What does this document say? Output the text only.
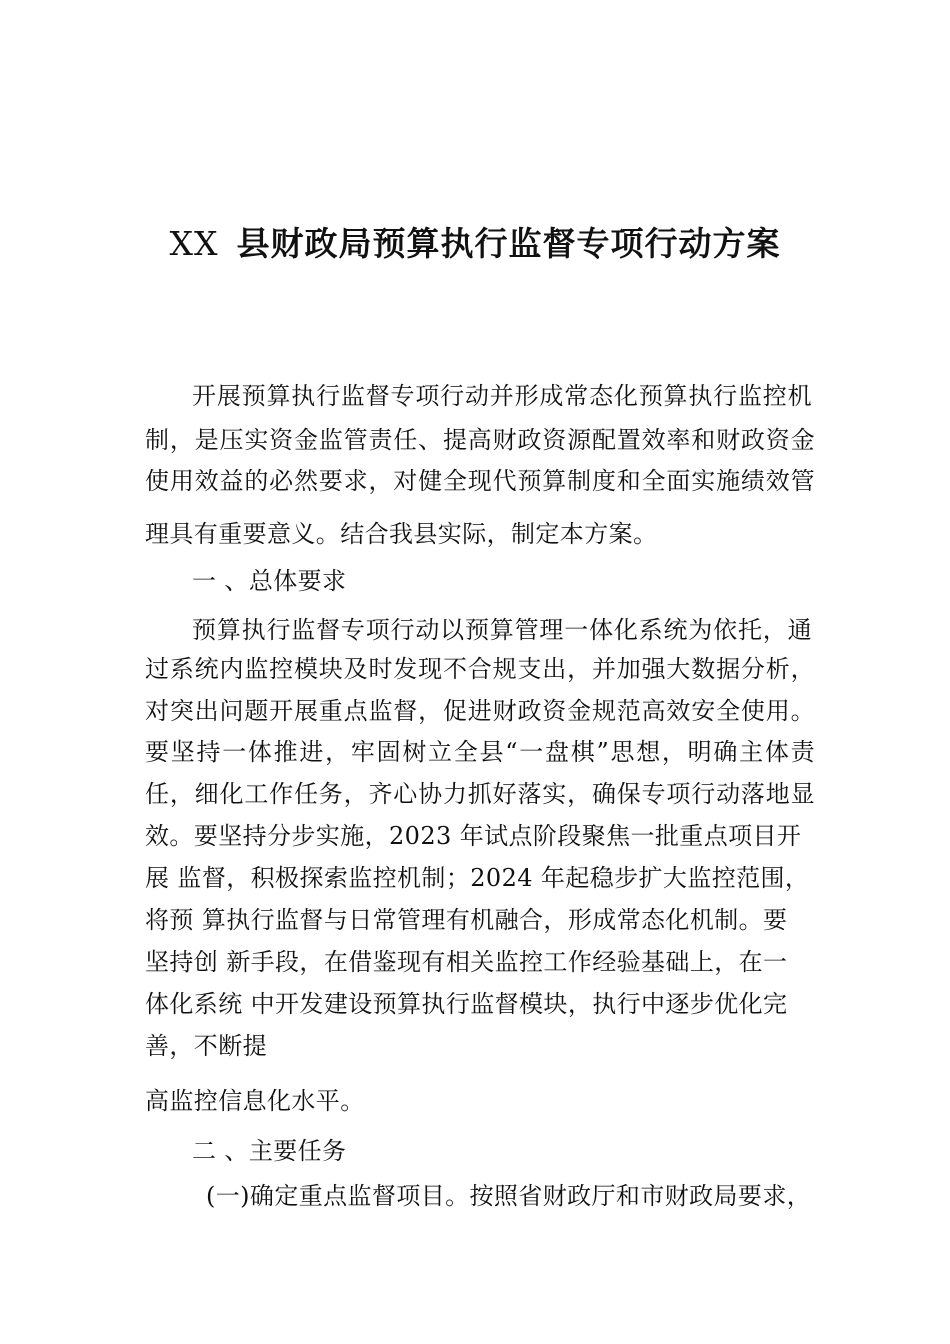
XX 县财政局预算执行监督专项行动方案
开展预算执行监督专项行动并形成常态化预算执行监控机
制，是压实资金监管责任、提高财政资源配置效率和财政资金
使用效益的必然要求，对健全现代预算制度和全面实施绩效管
理具有重要意义。结合我县实际，制定本方案。
一 、总体要求
预算执行监督专项行动以预算管理一体化系统为依托，通
过系统内监控模块及时发现不合规支出，并加强大数据分析，
对突出问题开展重点监督，促进财政资金规范高效安全使用。
要坚持一体推进，牢固树立全县“一盘棋”思想，明确主体责
任，细化工作任务，齐心协力抓好落实，确保专项行动落地显
效。要坚持分步实施，2023 年试点阶段聚焦一批重点项目开
展 监督，积极探索监控机制；2024 年起稳步扩大监控范围，
将预 算执行监督与日常管理有机融合，形成常态化机制。要
坚持创 新手段，在借鉴现有相关监控工作经验基础上，在一
体化系统 中开发建设预算执行监督模块，执行中逐步优化完
善，不断提
高监控信息化水平。
二 、主要任务
(一)确定重点监督项目。按照省财政厅和市财政局要求，
